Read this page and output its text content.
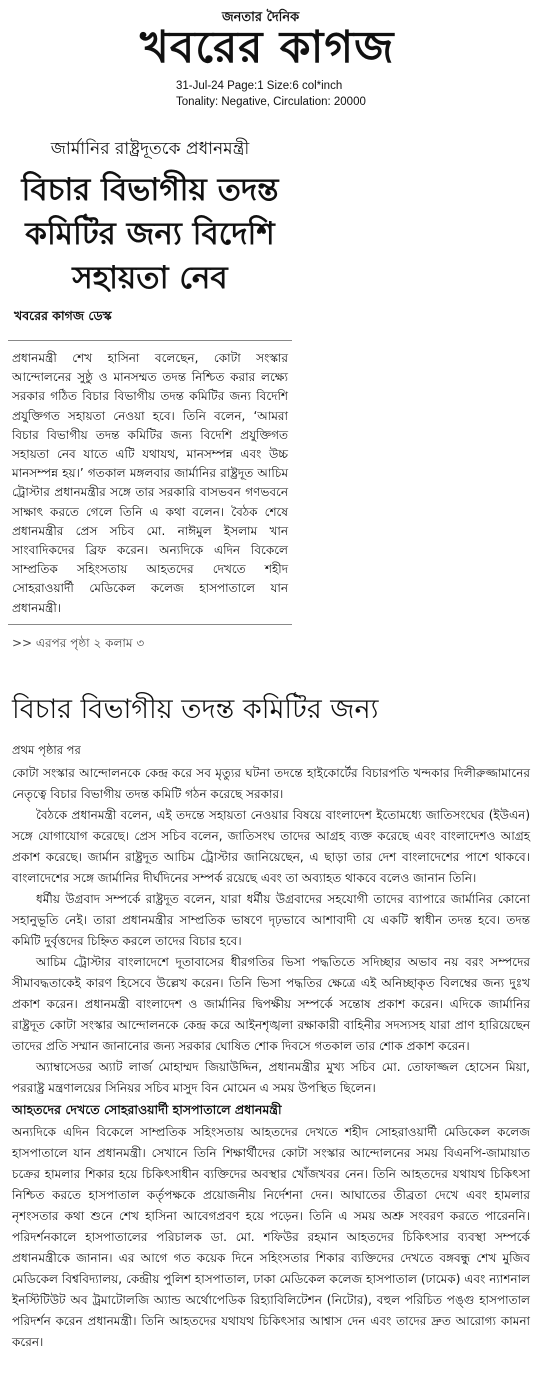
জনতার দৈনিক
খবরের কাগজ
31-Jul-24 Page:1 Size:6 col*inch
Tonality: Negative, Circulation: 20000
জার্মানির রাষ্ট্রদূতকে প্রধানমন্ত্রী
বিচার বিভাগীয় তদন্ত কমিটির জন্য বিদেশি সহায়তা নেব
খবরের কাগজ ডেস্ক
প্রধানমন্ত্রী শেখ হাসিনা বলেছেন, কোটা সংস্কার আন্দোলনের সুষ্ঠু ও মানসম্মত তদন্ত নিশ্চিত করার লক্ষ্যে সরকার গঠিত বিচার বিভাগীয় তদন্ত কমিটির জন্য বিদেশি প্রযুক্তিগত সহায়তা নেওয়া হবে। তিনি বলেন, ‘আমরা বিচার বিভাগীয় তদন্ত কমিটির জন্য বিদেশি প্রযুক্তিগত সহায়তা নেব যাতে এটি যথাযথ, মানসম্পন্ন এবং উচ্চ মানসম্পন্ন হয়।’ গতকাল মঙ্গলবার জার্মানির রাষ্ট্রদূত আচিম ট্রোস্টার প্রধানমন্ত্রীর সঙ্গে তার সরকারি বাসভবন গণভবনে সাক্ষাৎ করতে গেলে তিনি এ কথা বলেন। বৈঠক শেষে প্রধানমন্ত্রীর প্রেস সচিব মো. নাঈমুল ইসলাম খান সাংবাদিকদের ব্রিফ করেন। অন্যদিকে এদিন বিকেলে সাম্প্রতিক সহিংসতায় আহতদের দেখতে শহীদ সোহরাওয়ার্দী মেডিকেল কলেজ হাসপাতালে যান প্রধানমন্ত্রী।
>> এরপর পৃষ্ঠা ২ কলাম ৩
বিচার বিভাগীয় তদন্ত কমিটির জন্য
প্রথম পৃষ্ঠার পর

কোটা সংস্কার আন্দোলনকে কেন্দ্র করে সব মৃত্যুর ঘটনা তদন্তে হাইকোর্টের বিচারপতি খন্দকার দিলীরুজ্জামানের নেতৃত্বে বিচার বিভাগীয় তদন্ত কমিটি গঠন করেছে সরকার।

বৈঠকে প্রধানমন্ত্রী বলেন, এই তদন্তে সহায়তা নেওয়ার বিষয়ে বাংলাদেশ ইতোমধ্যে জাতিসংঘের (ইউএন) সঙ্গে যোগাযোগ করেছে। প্রেস সচিব বলেন, জাতিসংঘ তাদের আগ্রহ ব্যক্ত করেছে এবং বাংলাদেশও আগ্রহ প্রকাশ করেছে। জার্মান রাষ্ট্রদূত আচিম ট্রোস্টার জানিয়েছেন, এ ছাড়া তার দেশ বাংলাদেশের পাশে থাকবে। বাংলাদেশের সঙ্গে জার্মানির দীর্ঘদিনের সম্পর্ক রয়েছে এবং তা অব্যাহত থাকবে বলেও জানান তিনি।

ধর্মীয় উগ্রবাদ সম্পর্কে রাষ্ট্রদূত বলেন, যারা ধর্মীয় উগ্রবাদের সহযোগী তাদের ব্যাপারে জার্মানির কোনো সহানুভূতি নেই। তারা প্রধানমন্ত্রীর সাম্প্রতিক ভাষণে দৃঢ়ভাবে আশাবাদী যে একটি স্বাধীন তদন্ত হবে। তদন্ত কমিটি দুর্বৃত্তদের চিহ্নিত করলে তাদের বিচার হবে।

আচিম ট্রোস্টার বাংলাদেশে দূতাবাসের ধীরগতির ভিসা পদ্ধতিতে সদিচ্ছার অভাব নয় বরং সম্পদের সীমাবদ্ধতাকেই কারণ হিসেবে উল্লেখ করেন। তিনি ভিসা পদ্ধতির ক্ষেত্রে এই অনিচ্ছাকৃত বিলম্বের জন্য দুঃখ প্রকাশ করেন। প্রধানমন্ত্রী বাংলাদেশ ও জার্মানির দ্বিপক্ষীয় সম্পর্কে সন্তোষ প্রকাশ করেন। এদিকে জার্মানির রাষ্ট্রদূত কোটা সংস্কার আন্দোলনকে কেন্দ্র করে আইনশৃঙ্খলা রক্ষাকারী বাহিনীর সদস্যসহ যারা প্রাণ হারিয়েছেন তাদের প্রতি সম্মান জানানোর জন্য সরকার ঘোষিত শোক দিবসে গতকাল তার শোক প্রকাশ করেন।

অ্যাম্বাসেডর অ্যাট লার্জ মোহাম্মদ জিয়াউদ্দিন, প্রধানমন্ত্রীর মুখ্য সচিব মো. তোফাজ্জল হোসেন মিয়া, পররাষ্ট্র মন্ত্রণালয়ের সিনিয়র সচিব মাসুদ বিন মোমেন এ সময় উপস্থিত ছিলেন।

আহতদের দেখতে সোহরাওয়ার্দী হাসপাতালে প্রধানমন্ত্রী

অন্যদিকে এদিন বিকেলে সাম্প্রতিক সহিংসতায় আহতদের দেখতে শহীদ সোহরাওয়ার্দী মেডিকেল কলেজ হাসপাতালে যান প্রধানমন্ত্রী। সেখানে তিনি শিক্ষার্থীদের কোটা সংস্কার আন্দোলনের সময় বিএনপি-জামায়াত চক্রের হামলার শিকার হয়ে চিকিৎসাধীন ব্যক্তিদের অবস্থার খোঁজখবর নেন। তিনি আহতদের যথাযথ চিকিৎসা নিশ্চিত করতে হাসপাতাল কর্তৃপক্ষকে প্রয়োজনীয় নির্দেশনা দেন। আঘাতের তীব্রতা দেখে এবং হামলার নৃশংসতার কথা শুনে শেখ হাসিনা আবেগপ্রবণ হয়ে পড়েন। তিনি এ সময় অশ্রু সংবরণ করতে পারেননি। পরিদর্শনকালে হাসপাতালের পরিচালক ডা. মো. শফিউর রহমান আহতদের চিকিৎসার ব্যবস্থা সম্পর্কে প্রধানমন্ত্রীকে জানান। এর আগে গত কয়েক দিনে সহিংসতার শিকার ব্যক্তিদের দেখতে বঙ্গবন্ধু শেখ মুজিব মেডিকেল বিশ্ববিদ্যালয়, কেন্দ্রীয় পুলিশ হাসপাতাল, ঢাকা মেডিকেল কলেজ হাসপাতাল (ঢামেক) এবং ন্যাশনাল ইনস্টিটিউট অব ট্রমাটোলজি অ্যান্ড অর্থোপেডিক রিহ্যাবিলিটেশন (নিটোর), বহুল পরিচিত পঙ্গু হাসপাতাল পরিদর্শন করেন প্রধানমন্ত্রী। তিনি আহতদের যথাযথ চিকিৎসার আশ্বাস দেন এবং তাদের দ্রুত আরোগ্য কামনা করেন।
